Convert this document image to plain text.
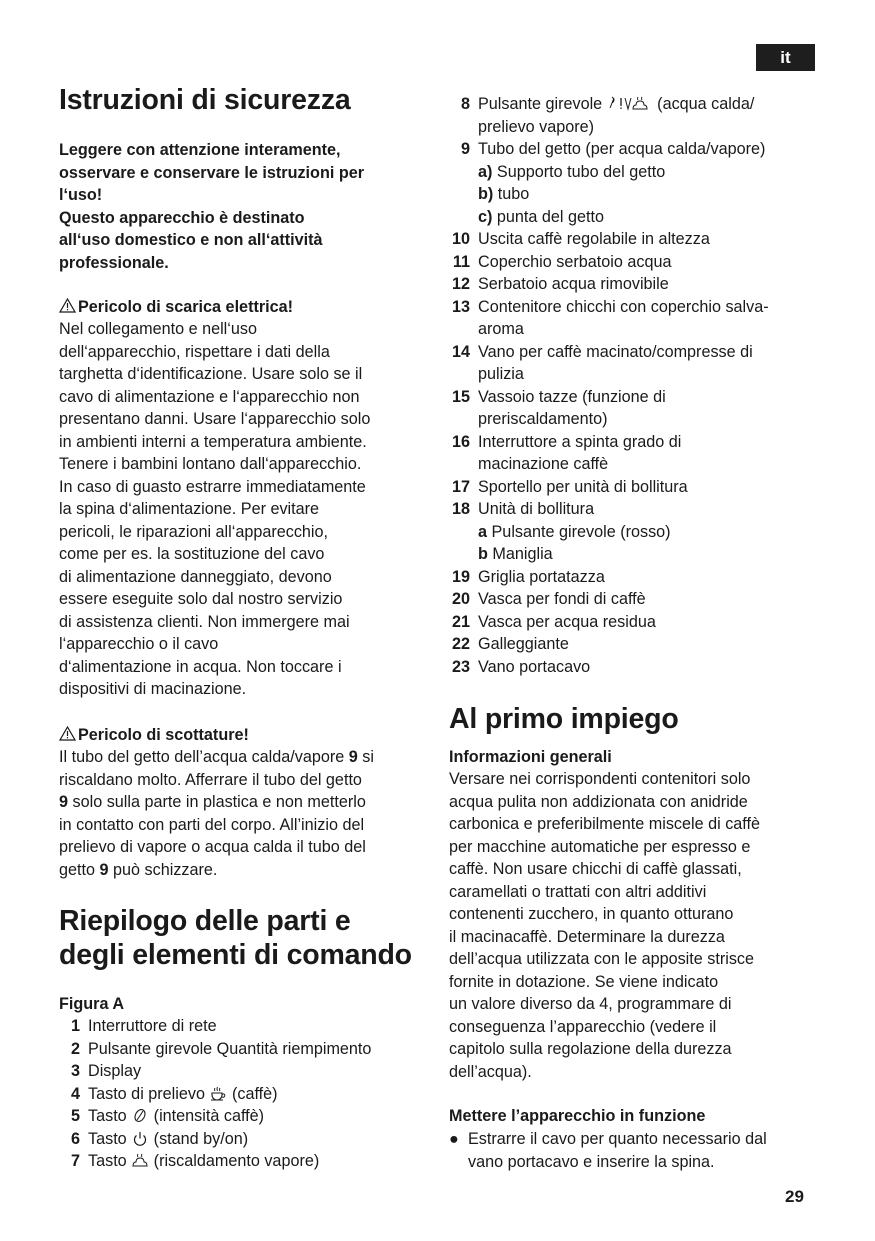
it
Istruzioni di sicurezza
Leggere con attenzione interamente,
osservare e conservare le istruzioni per
l‘uso!
Questo apparecchio è destinato
all‘uso domestico e non all‘attività
professionale.
Pericolo di scarica elettrica!
Nel collegamento e nell‘uso
dell‘apparecchio, rispettare i dati della
targhetta d‘identificazione. Usare solo se il
cavo di alimentazione e l‘apparecchio non
presentano danni. Usare l‘apparecchio solo
in ambienti interni a temperatura ambiente.
Tenere i bambini lontano dall‘apparecchio.
In caso di guasto estrarre immediatamente
la spina d‘alimentazione. Per evitare
pericoli, le riparazioni all‘apparecchio,
come per es. la sostituzione del cavo
di alimentazione danneggiato, devono
essere eseguite solo dal nostro servizio
di assistenza clienti. Non immergere mai
l‘apparecchio o il cavo
d‘alimentazione in acqua. Non toccare i
dispositivi di macinazione.
Pericolo di scottature!
Il tubo del getto dell’acqua calda/vapore 9 si
riscaldano molto. Afferrare il tubo del getto
9 solo sulla parte in plastica e non metterlo
in contatto con parti del corpo. All’inizio del
prelievo di vapore o acqua calda il tubo del
getto 9 può schizzare.
Riepilogo delle parti e
degli elementi di comando
Figura A
1 Interruttore di rete
2 Pulsante girevole Quantità riempimento
3 Display
4 Tasto di prelievo  (caffè)
5 Tasto  (intensità caffè)
6 Tasto  (stand by/on)
7 Tasto  (riscaldamento vapore)
8 Pulsante girevole	(acqua calda/
prelievo vapore)
9 Tubo del getto (per acqua calda/vapore)
a) Supporto tubo del getto
b) tubo
c) punta del getto
10 Uscita caffè regolabile in altezza
11 Coperchio serbatoio acqua
12 Serbatoio acqua rimovibile
13 Contenitore chicchi con coperchio salva-
aroma
14 Vano per caffè macinato/compresse di
pulizia
15 Vassoio tazze (funzione di
preriscaldamento)
16 Interruttore a spinta grado di
macinazione caffè
17 Sportello per unità di bollitura
18 Unità di bollitura
a Pulsante girevole (rosso)
b Maniglia
19 Griglia portatazza
20 Vasca per fondi di caffè
21 Vasca per acqua residua
22 Galleggiante
23 Vano portacavo
Al primo impiego
Informazioni generali
Versare nei corrispondenti contenitori solo
acqua pulita non addizionata con anidride
carbonica e preferibilmente miscele di caffè
per macchine automatiche per espresso e
caffè. Non usare chicchi di caffè glassati,
caramellati o trattati con altri additivi
contenenti zucchero, in quanto otturano
il macinacaffè. Determinare la durezza
dell’acqua utilizzata con le apposite strisce
fornite in dotazione. Se viene indicato
un valore diverso da 4, programmare di
conseguenza l’apparecchio (vedere il
capitolo sulla regolazione della durezza
dell’acqua).
Mettere l’apparecchio in funzione
● Estrarre il cavo per quanto necessario dal
vano portacavo e inserire la spina.
29
